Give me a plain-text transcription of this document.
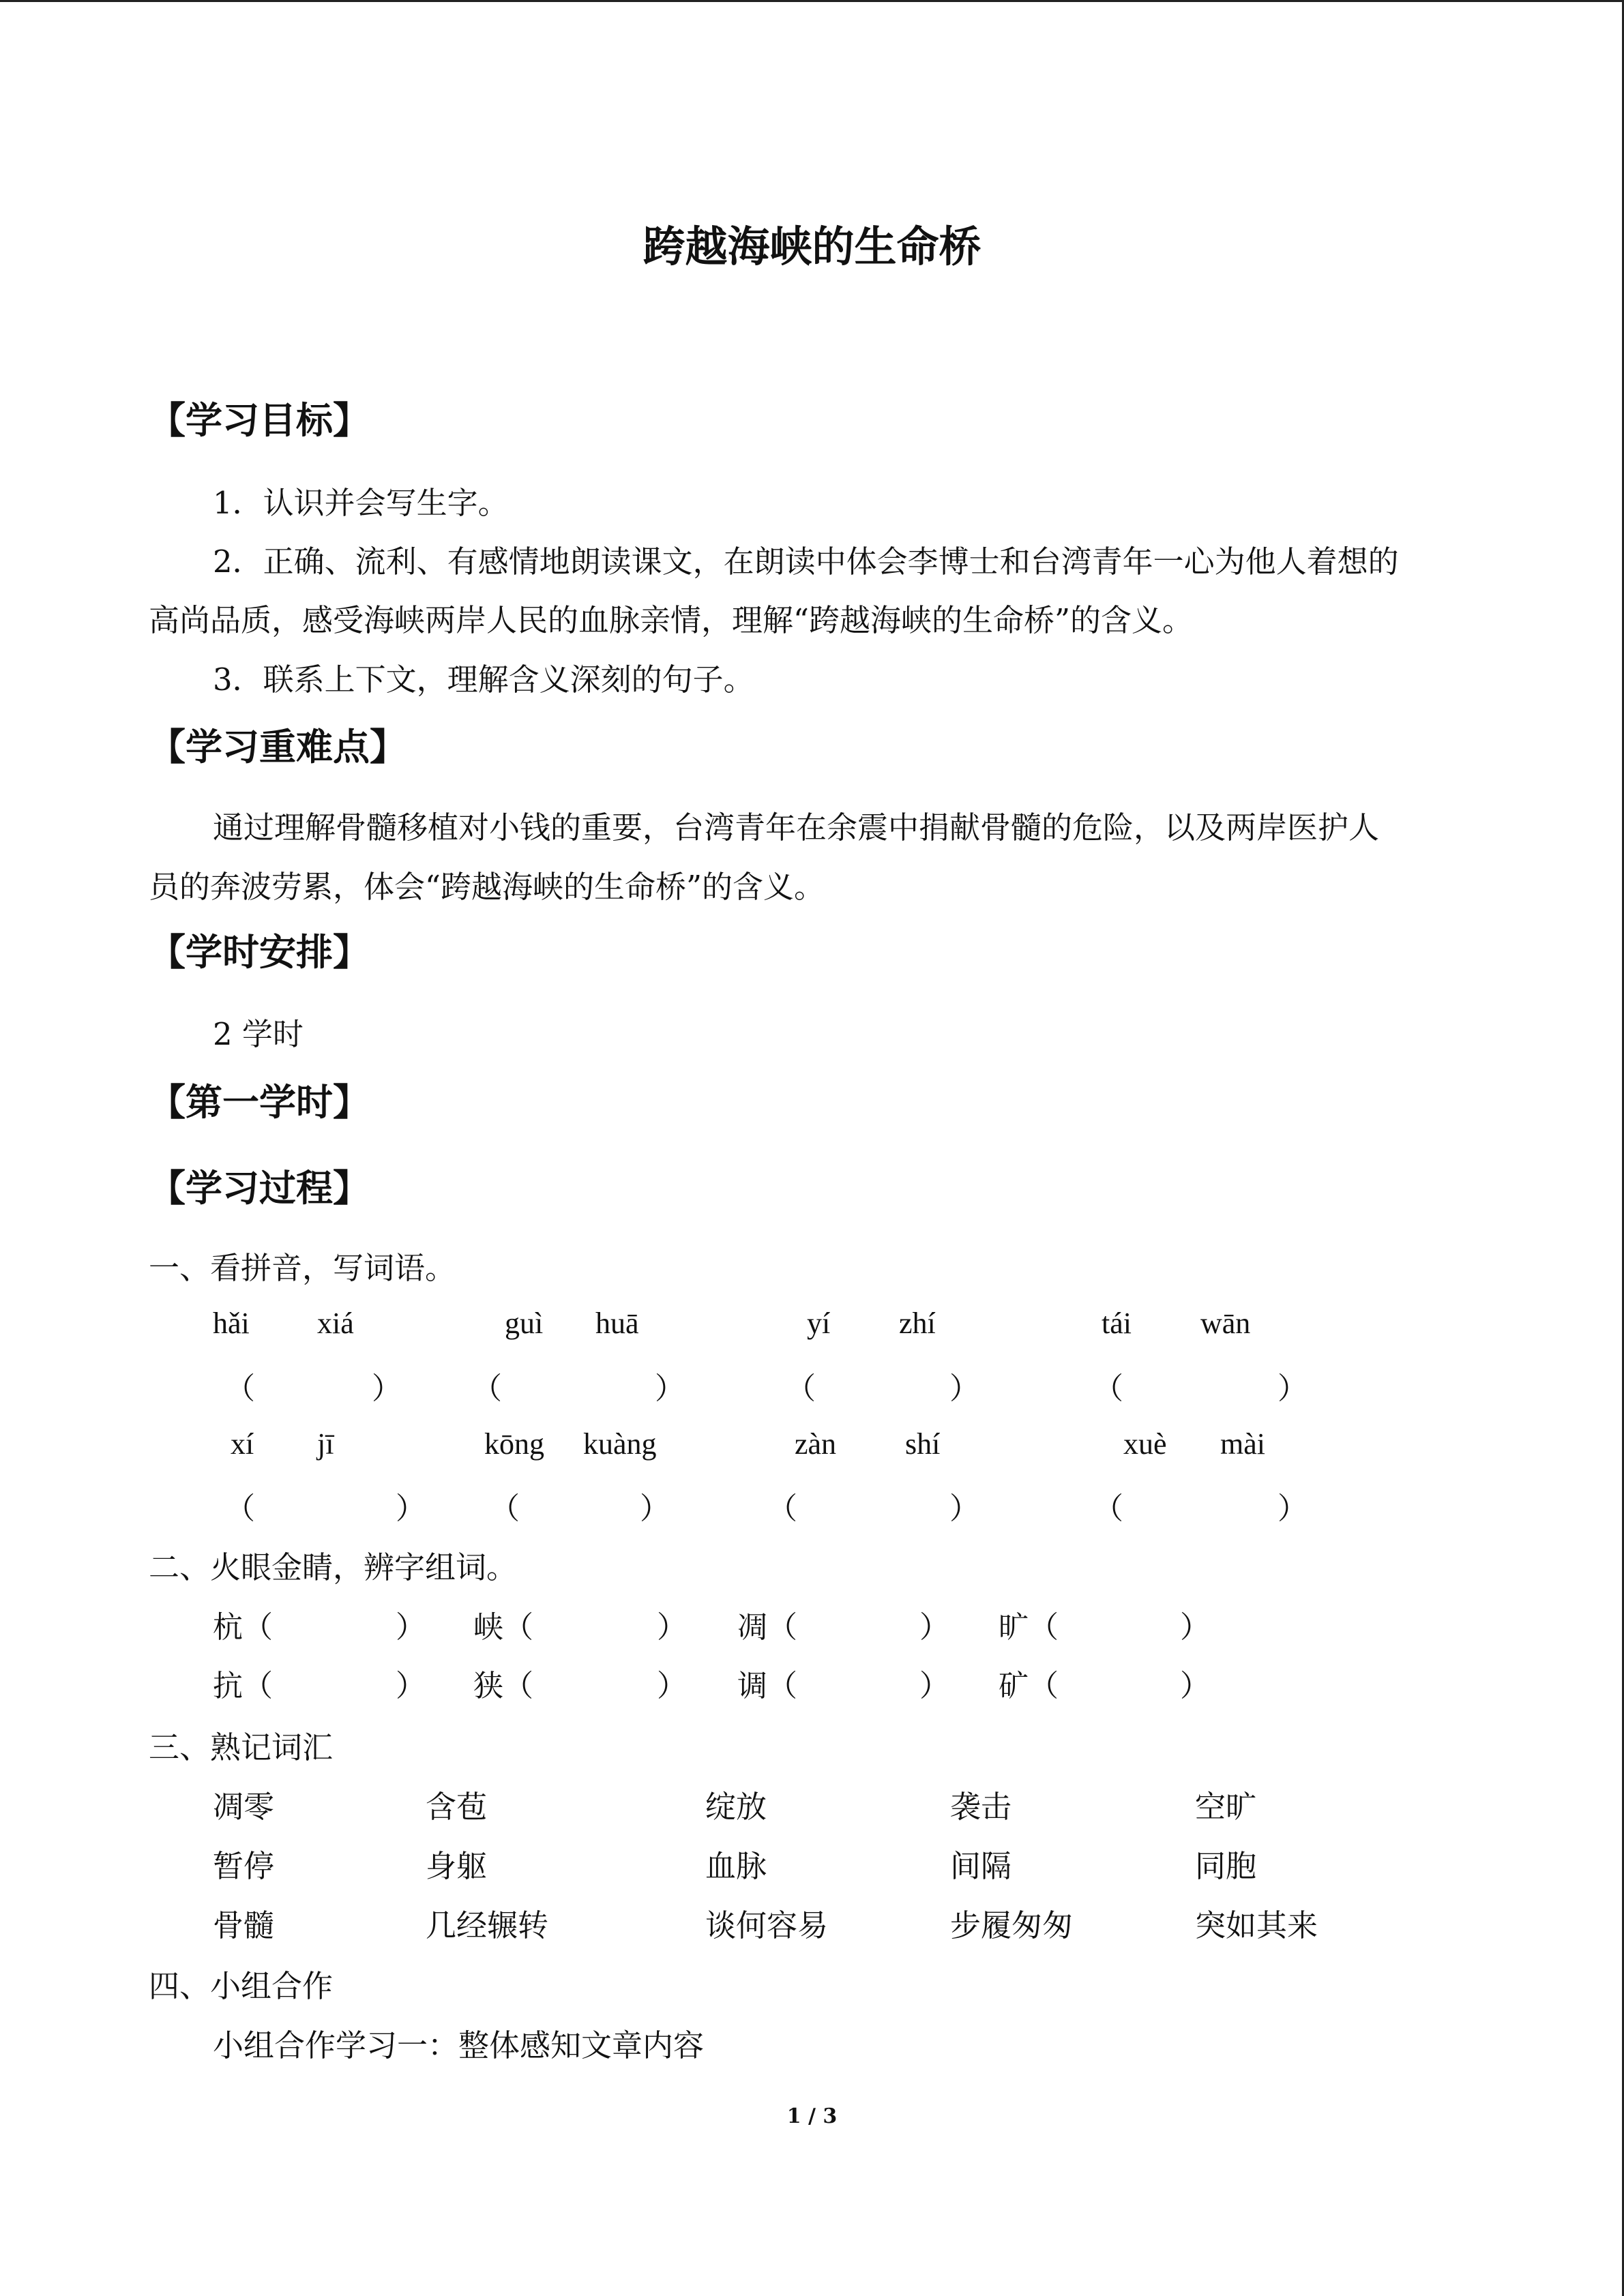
跨越海峡的生命桥
【学习目标】
1．认识并会写生字。
2．正确、流利、有感情地朗读课文，在朗读中体会李博士和台湾青年一心为他人着想的
高尚品质，感受海峡两岸人民的血脉亲情，理解“跨越海峡的生命桥”的含义。
3．联系上下文，理解含义深刻的句子。
【学习重难点】
通过理解骨髓移植对小钱的重要，台湾青年在余震中捐献骨髓的危险，以及两岸医护人
员的奔波劳累，体会“跨越海峡的生命桥”的含义。
【学时安排】
2 学时
【第一学时】
【学习过程】
一、看拼音，写词语。
hǎi xiá	guì huā	yí zhí	tái wān
（	） （	）	（	）	（	）
xí jī	kōng kuàng	zàn shí	xuè mài
（	） （	）	（	）	（	）
二、火眼金睛，辨字组词。
杭（	） 峡（	） 凋（	） 旷（	）
抗（	） 狭（	） 调（	） 矿（	）
三、熟记词汇
凋零	含苞	绽放	袭击	空旷
暂停	身躯	血脉	间隔	同胞
骨髓	几经辗转	谈何容易	步履匆匆	突如其来
四、小组合作
小组合作学习一：整体感知文章内容
1 / 3
